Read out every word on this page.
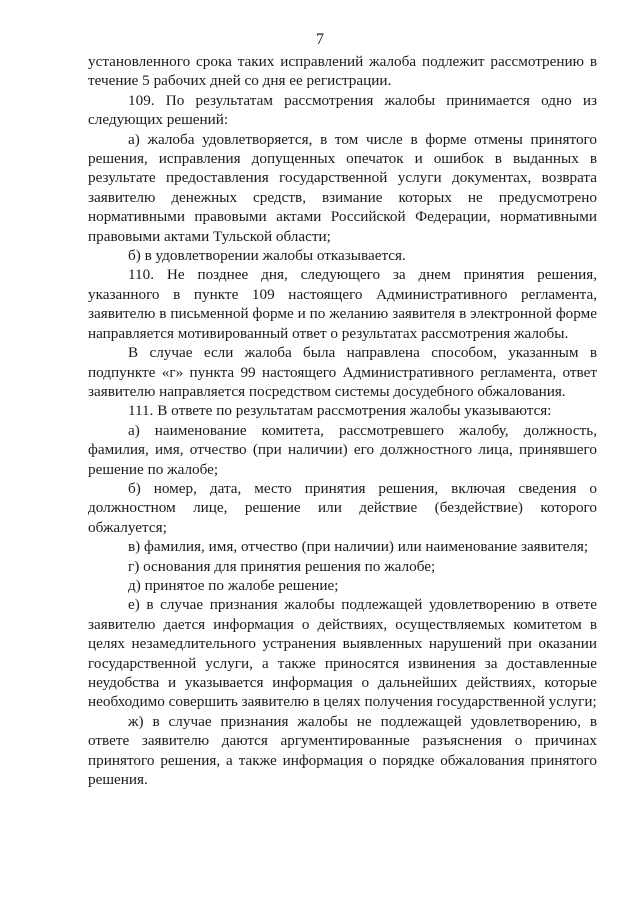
7

установленного срока таких исправлений жалоба подлежит рассмотрению в течение 5 рабочих дней со дня ее регистрации.

109. По результатам рассмотрения жалобы принимается одно из следующих решений:

а) жалоба удовлетворяется, в том числе в форме отмены принятого решения, исправления допущенных опечаток и ошибок в выданных в результате предоставления государственной услуги документах, возврата заявителю денежных средств, взимание которых не предусмотрено нормативными правовыми актами Российской Федерации, нормативными правовыми актами Тульской области;

б) в удовлетворении жалобы отказывается.

110. Не позднее дня, следующего за днем принятия решения, указанного в пункте 109 настоящего Административного регламента, заявителю в письменной форме и по желанию заявителя в электронной форме направляется мотивированный ответ о результатах рассмотрения жалобы.

В случае если жалоба была направлена способом, указанным в подпункте «г» пункта 99 настоящего Административного регламента, ответ заявителю направляется посредством системы досудебного обжалования.

111. В ответе по результатам рассмотрения жалобы указываются:

а) наименование комитета, рассмотревшего жалобу, должность, фамилия, имя, отчество (при наличии) его должностного лица, принявшего решение по жалобе;

б) номер, дата, место принятия решения, включая сведения о должностном лице, решение или действие (бездействие) которого обжалуется;

в) фамилия, имя, отчество (при наличии) или наименование заявителя;

г) основания для принятия решения по жалобе;

д) принятое по жалобе решение;

е) в случае признания жалобы подлежащей удовлетворению в ответе заявителю дается информация о действиях, осуществляемых комитетом в целях незамедлительного устранения выявленных нарушений при оказании государственной услуги, а также приносятся извинения за доставленные неудобства и указывается информация о дальнейших действиях, которые необходимо совершить заявителю в целях получения государственной услуги;

ж) в случае признания жалобы не подлежащей удовлетворению, в ответе заявителю даются аргументированные разъяснения о причинах принятого решения, а также информация о порядке обжалования принятого решения.
